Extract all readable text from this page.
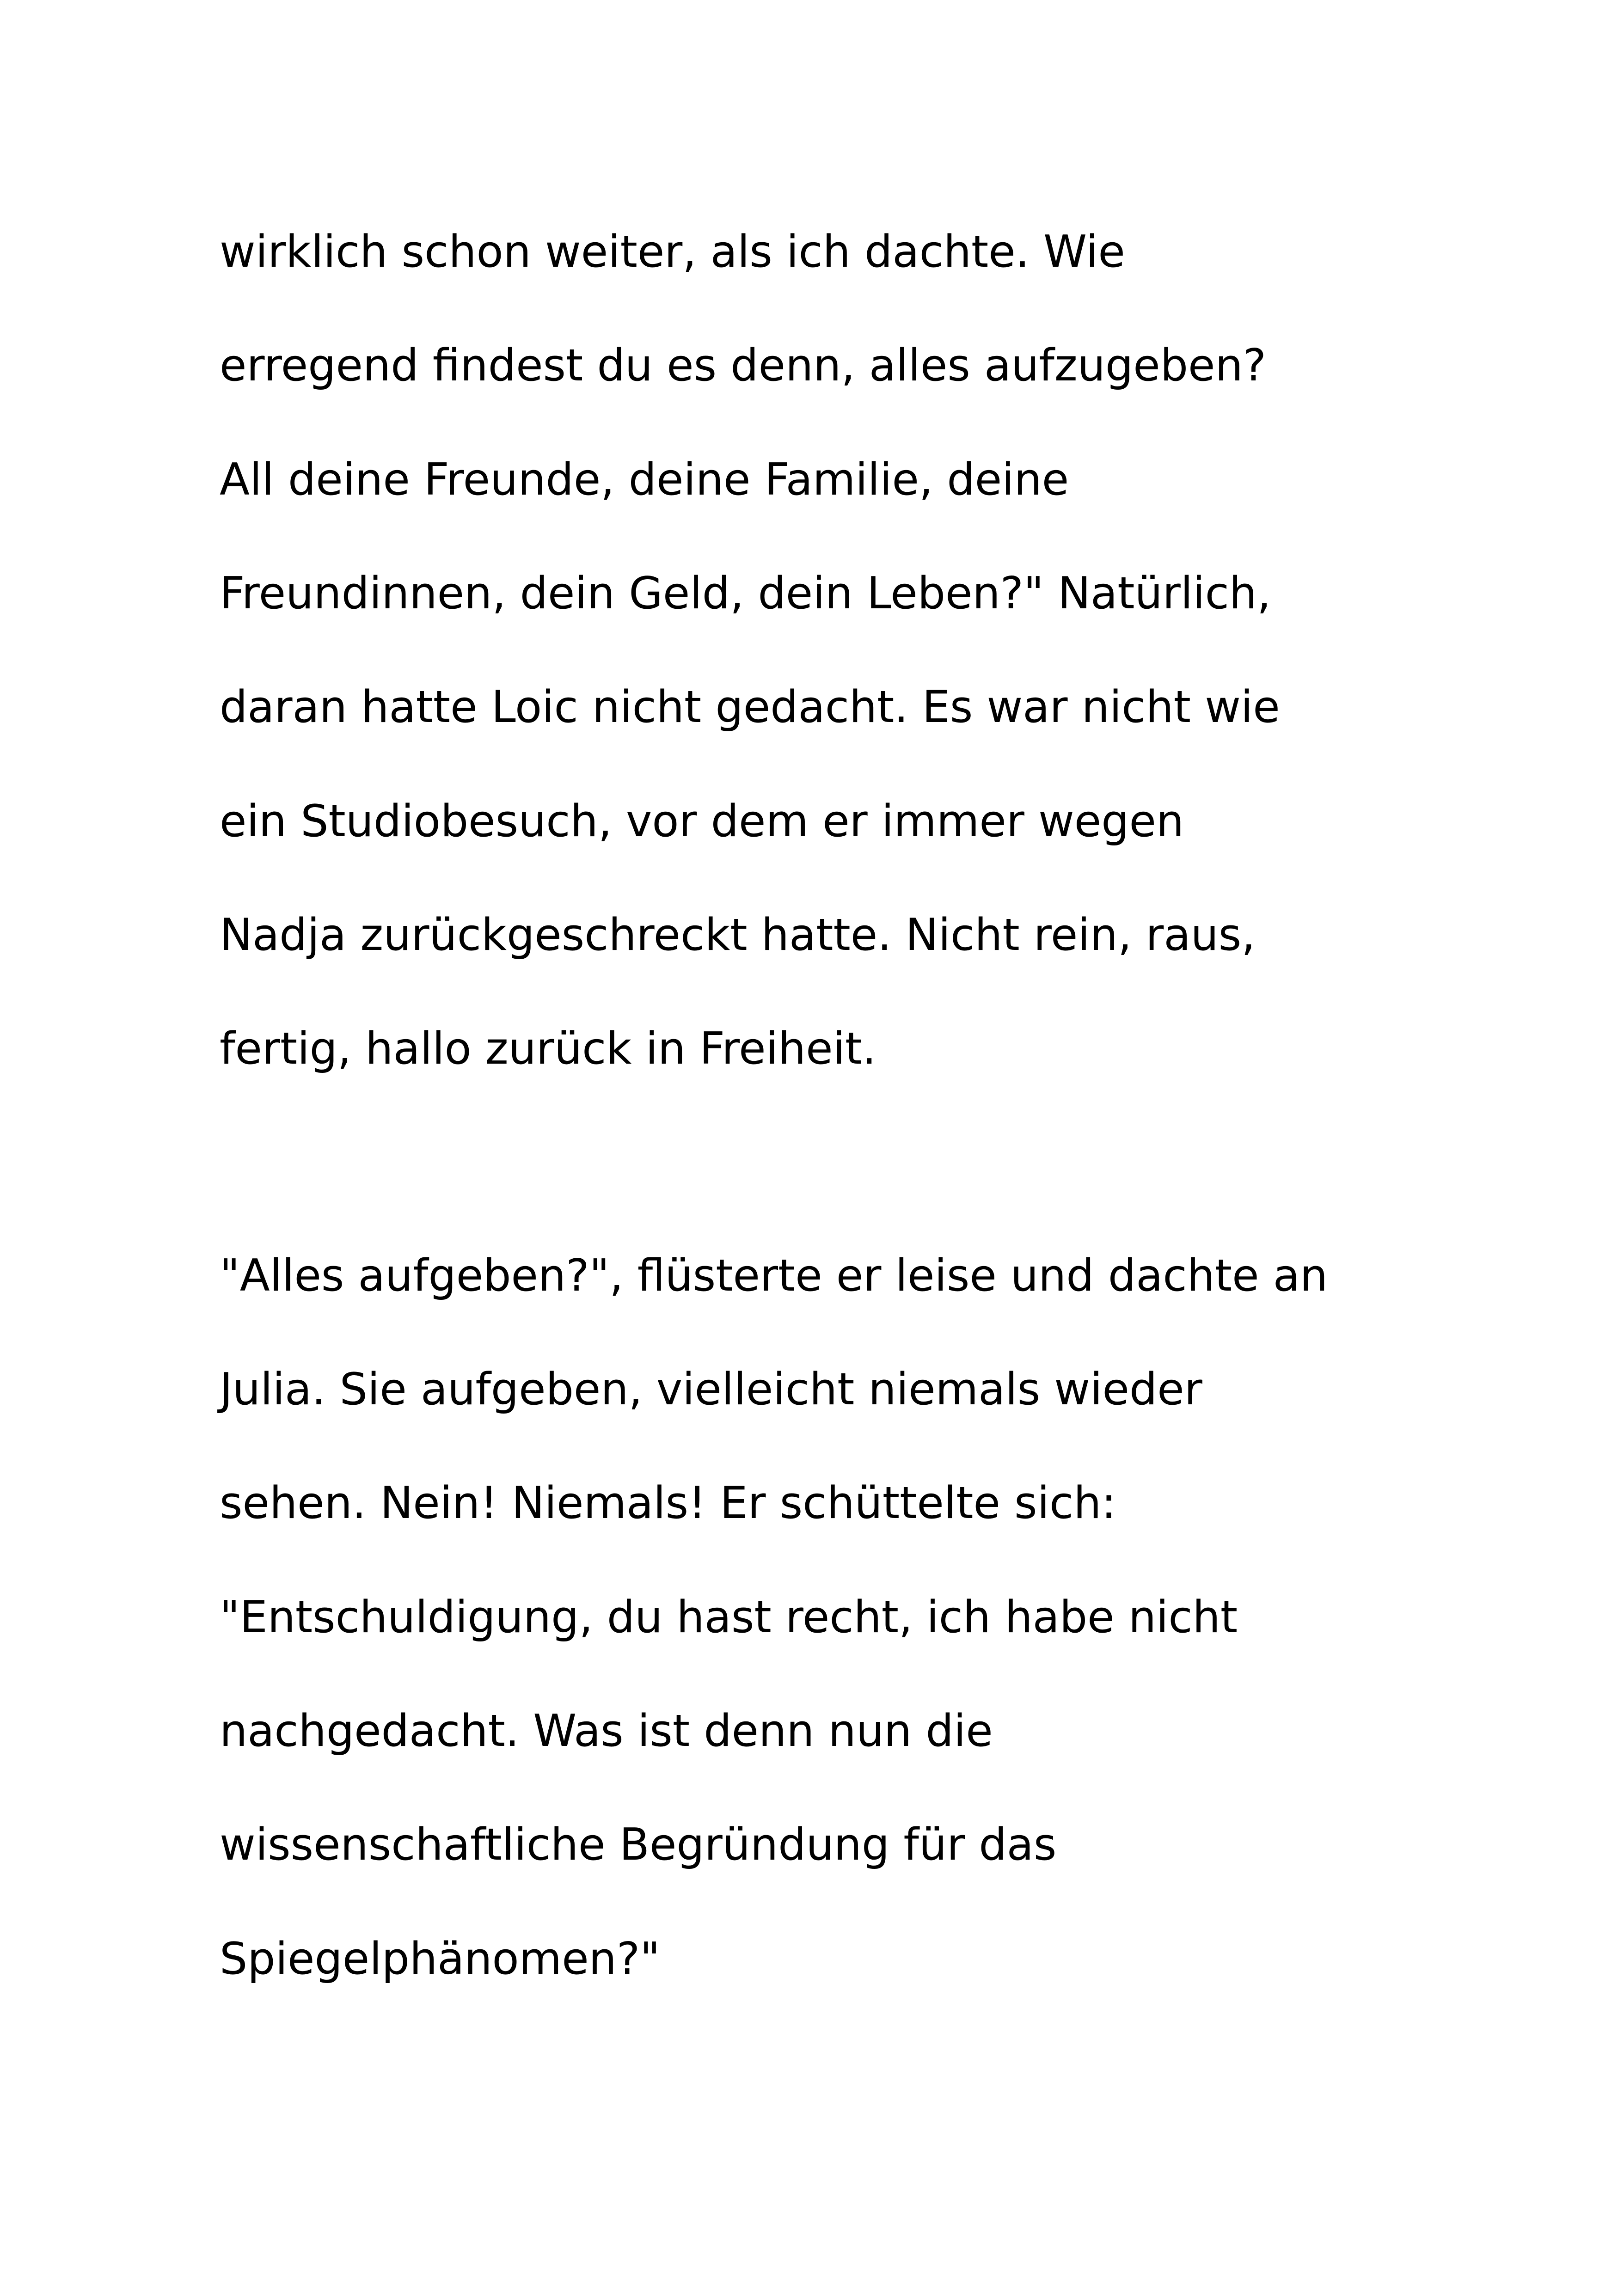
wirklich schon weiter, als ich dachte. Wie
erregend findest du es denn, alles aufzugeben?
All deine Freunde, deine Familie, deine
Freundinnen, dein Geld, dein Leben?" Natürlich,
daran hatte Loic nicht gedacht. Es war nicht wie
ein Studiobesuch, vor dem er immer wegen
Nadja zurückgeschreckt hatte. Nicht rein, raus,
fertig, hallo zurück in Freiheit.
"Alles aufgeben?", flüsterte er leise und dachte an
Julia. Sie aufgeben, vielleicht niemals wieder
sehen. Nein! Niemals! Er schüttelte sich:
"Entschuldigung, du hast recht, ich habe nicht
nachgedacht. Was ist denn nun die
wissenschaftliche Begründung für das
Spiegelphänomen?"
